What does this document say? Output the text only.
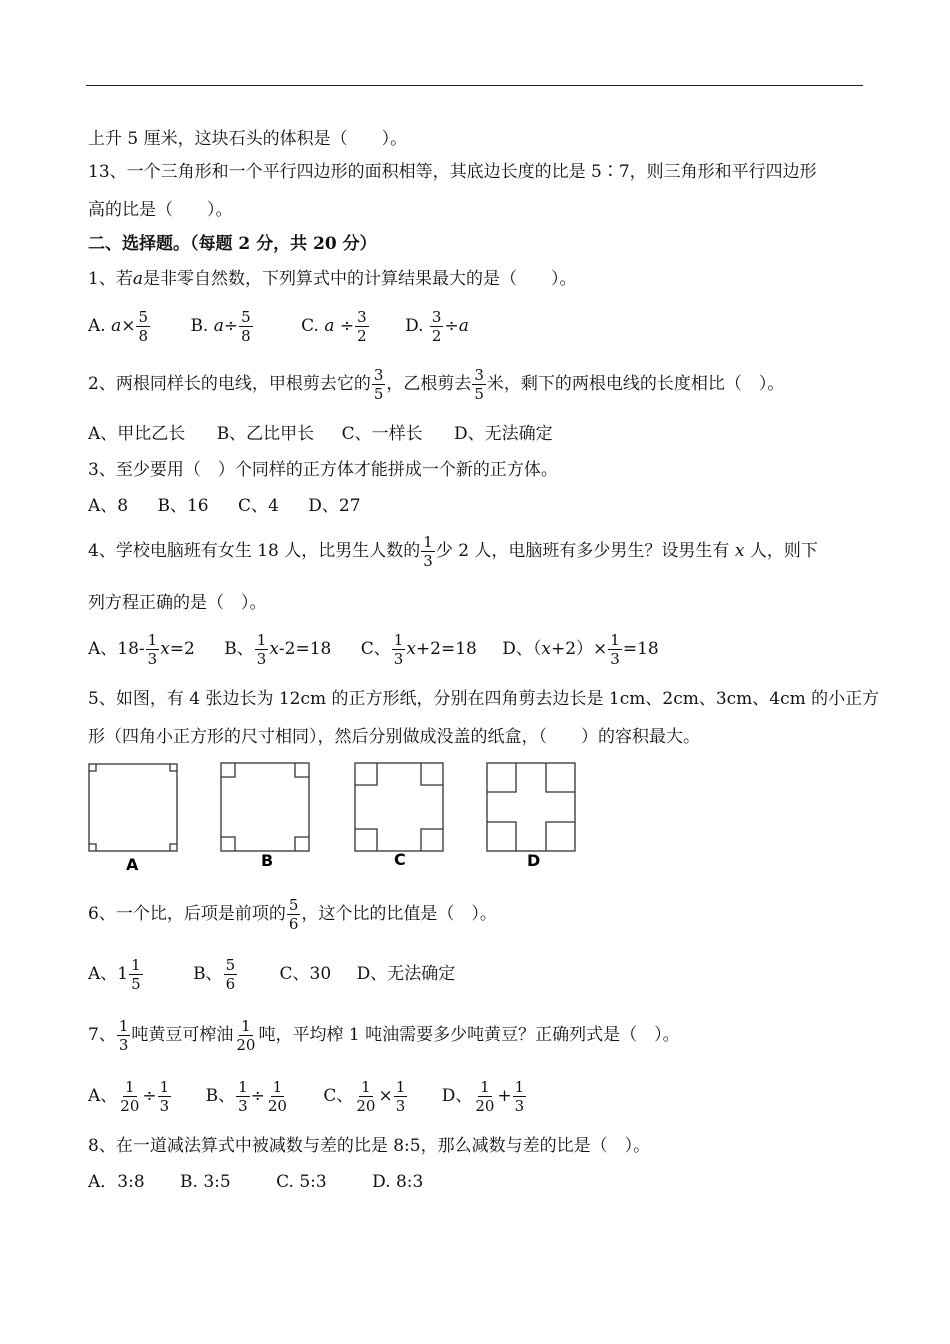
上升 5 厘米，这块石头的体积是（　　）。
13、一个三角形和一个平行四边形的面积相等，其底边长度的比是 5∶7，则三角形和平行四边形
高的比是（　　）。
二、选择题。（每题 2 分，共 20 分）
1、若a是非零自然数，下列算式中的计算结果最大的是（　　）。
A. $a\times \frac{5}{8} B$. $a\div \frac{5}{8}$	C. $a \div \frac{3}{2} D$. $\frac{3}{2} \div a$
2、两根同样长的电线，甲根剪去它的 $\frac{3}{5}$ ，乙根剪去 $\frac{3}{5}$ 米，剩下的两根电线的长度相比（　）。
A、甲比乙长 B、乙比甲长 C、一样长 D、无法确定
3、至少要用（　）个同样的正方体才能拼成一个新的正方体。
A、8 B、16 C、4 D、27
4、学校电脑班有女生 18 人，比男生人数的 $\frac{1}{3}$ 少 2 人，电脑班有多少男生？设男生有 x 人，则下
列方程正确的是（　）。
A、$18- \frac{1}{3} x=2$ B、 $\frac{1}{3} x-2=18$ C、 $\frac{1}{3} x+2=18$ D、$(x+2)\times \frac{1}{3} =18$
5、如图，有 4 张边长为 12cm 的正方形纸，分别在四角剪去边长是 1cm、2cm、3cm、4cm 的小正方
形（四角小正方形的尺寸相同），然后分别做成没盖的纸盒，（　　）的容积最大。
A	B	C	D
6、一个比，后项是前项的 $\frac{5}{6}$ ，这个比的比值是（　）。
A、$1 \frac{1}{5}$	B、 $\frac{5}{6}$ C、30 D、无法确定
7、 $\frac{1}{3}$ 吨黄豆可榨油 $\frac{1}{20}$ 吨，平均榨 1 吨油需要多少吨黄豆？正确列式是（　）。
A、 $\frac{1}{20} \div \frac{1}{3}$ B、 $\frac{1}{3} \div \frac{1}{20}$ C、 $\frac{1}{20} \times \frac{1}{3}$ D、 $\frac{1}{20} + \frac{1}{3}$
8、在一道减法算式中被减数与差的比是 8:5，那么减数与差的比是（　）。
A．3:8 B. 3:5	C. 5:3	D. 8:3
